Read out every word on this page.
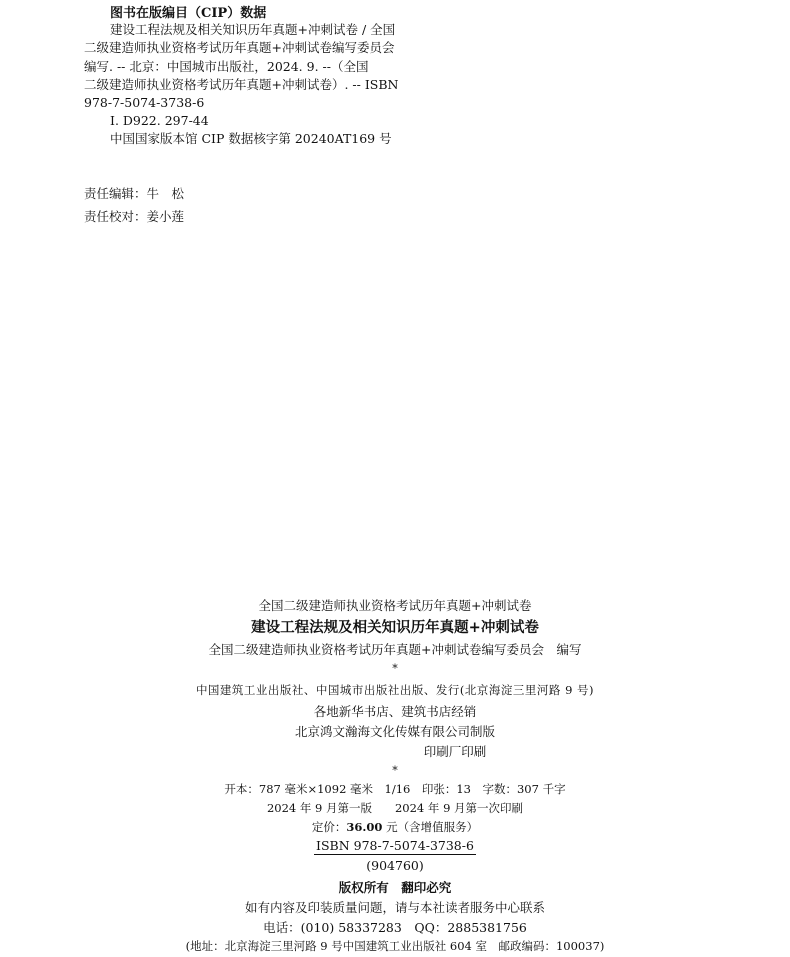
图书在版编目（CIP）数据
建设工程法规及相关知识历年真题+冲刺试卷 / 全国
二级建造师执业资格考试历年真题+冲刺试卷编写委员会
编写. -- 北京：中国城市出版社，2024. 9. --（全国
二级建造师执业资格考试历年真题+冲刺试卷）. -- ISBN
978-7-5074-3738-6
Ⅰ. D922. 297-44
中国国家版本馆 CIP 数据核字第 20240AT169 号
责任编辑：牛　松
责任校对：姜小莲
全国二级建造师执业资格考试历年真题+冲刺试卷
建设工程法规及相关知识历年真题+冲刺试卷
全国二级建造师执业资格考试历年真题+冲刺试卷编写委员会　编写
*
中国建筑工业出版社、中国城市出版社出版、发行(北京海淀三里河路 9 号)
各地新华书店、建筑书店经销
北京鸿文瀚海文化传媒有限公司制版
印刷厂印刷
*
开本：787 毫米×1092 毫米　1/16　印张：13　字数：307 千字
2024 年 9 月第一版　　2024 年 9 月第一次印刷
定价：36.00 元（含增值服务）
ISBN 978-7-5074-3738-6
(904760)
版权所有　翻印必究
如有内容及印装质量问题，请与本社读者服务中心联系
电话：(010) 58337283　QQ：2885381756
(地址：北京海淀三里河路 9 号中国建筑工业出版社 604 室　邮政编码：100037)
